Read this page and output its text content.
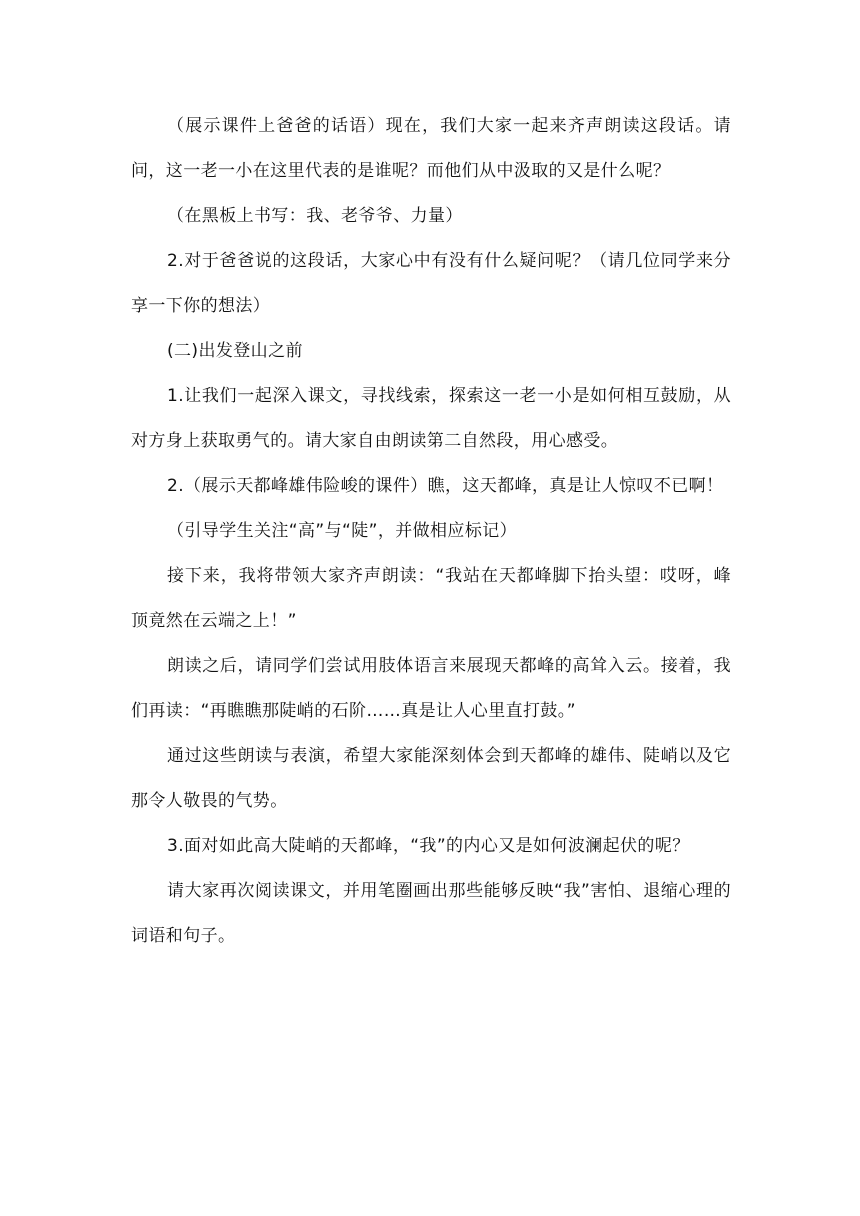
（展示课件上爸爸的话语）现在，我们大家一起来齐声朗读这段话。请问，这一老一小在这里代表的是谁呢？而他们从中汲取的又是什么呢？

（在黑板上书写：我、老爷爷、力量）

2.对于爸爸说的这段话，大家心中有没有什么疑问呢？（请几位同学来分享一下你的想法）

(二)出发登山之前

1.让我们一起深入课文，寻找线索，探索这一老一小是如何相互鼓励，从对方身上获取勇气的。请大家自由朗读第二自然段，用心感受。

2.（展示天都峰雄伟险峻的课件）瞧，这天都峰，真是让人惊叹不已啊！

（引导学生关注“高”与“陡”，并做相应标记）

接下来，我将带领大家齐声朗读：“我站在天都峰脚下抬头望：哎呀，峰顶竟然在云端之上！”

朗读之后，请同学们尝试用肢体语言来展现天都峰的高耸入云。接着，我们再读：“再瞧瞧那陡峭的石阶……真是让人心里直打鼓。”

通过这些朗读与表演，希望大家能深刻体会到天都峰的雄伟、陡峭以及它那令人敬畏的气势。

3.面对如此高大陡峭的天都峰，“我”的内心又是如何波澜起伏的呢？

请大家再次阅读课文，并用笔圈画出那些能够反映“我”害怕、退缩心理的词语和句子。
